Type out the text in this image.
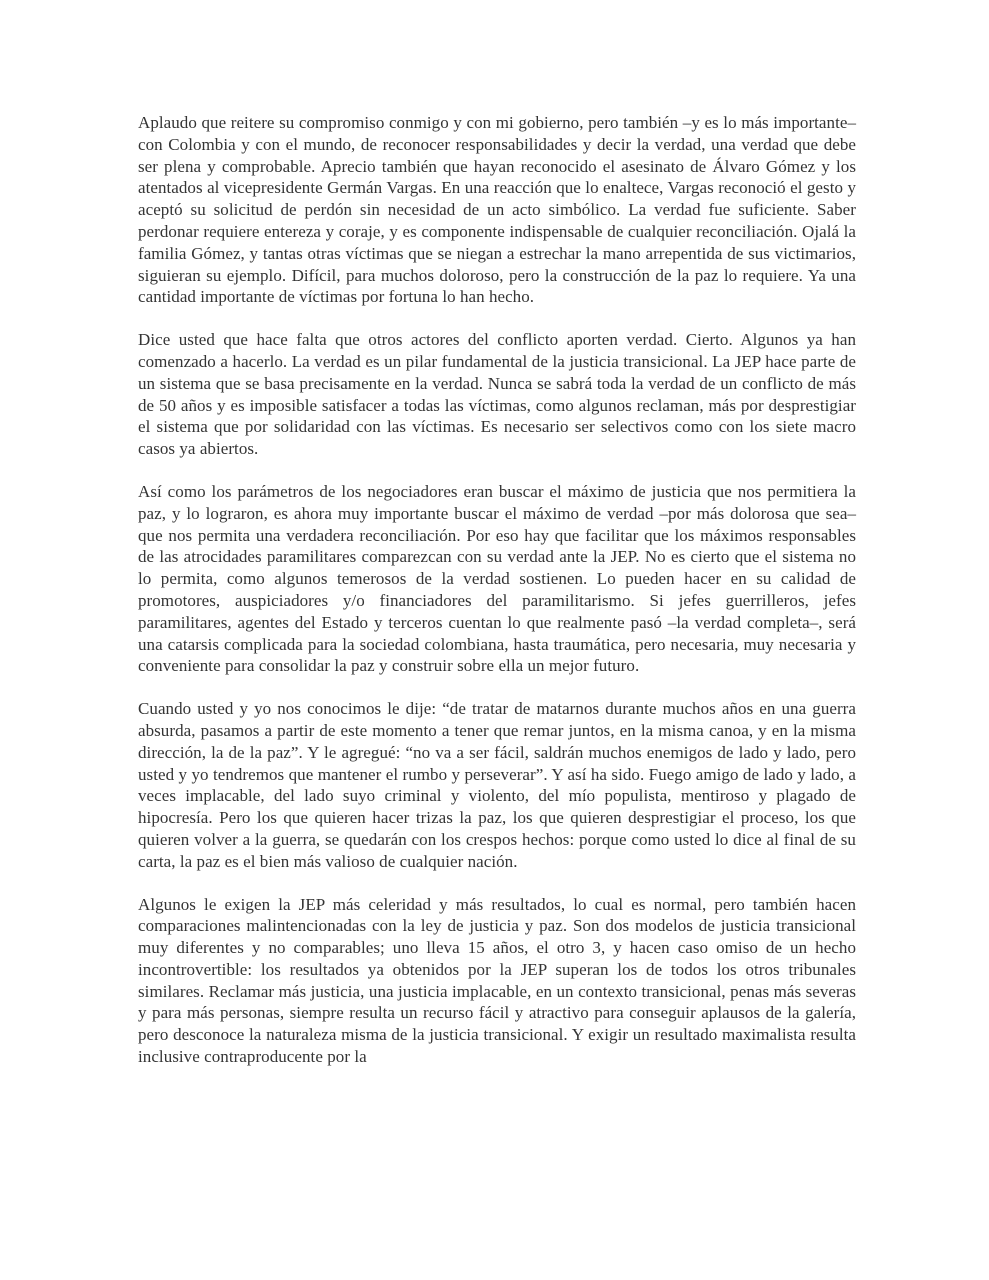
Aplaudo que reitere su compromiso conmigo y con mi gobierno, pero también –y es lo más importante– con Colombia y con el mundo, de reconocer responsabilidades y decir la verdad, una verdad que debe ser plena y comprobable. Aprecio también que hayan reconocido el asesinato de Álvaro Gómez y los atentados al vicepresidente Germán Vargas. En una reacción que lo enaltece, Vargas reconoció el gesto y aceptó su solicitud de perdón sin necesidad de un acto simbólico. La verdad fue suficiente. Saber perdonar requiere entereza y coraje, y es componente indispensable de cualquier reconciliación. Ojalá la familia Gómez, y tantas otras víctimas que se niegan a estrechar la mano arrepentida de sus victimarios, siguieran su ejemplo. Difícil, para muchos doloroso, pero la construcción de la paz lo requiere. Ya una cantidad importante de víctimas por fortuna lo han hecho.

Dice usted que hace falta que otros actores del conflicto aporten verdad. Cierto. Algunos ya han comenzado a hacerlo. La verdad es un pilar fundamental de la justicia transicional. La JEP hace parte de un sistema que se basa precisamente en la verdad. Nunca se sabrá toda la verdad de un conflicto de más de 50 años y es imposible satisfacer a todas las víctimas, como algunos reclaman, más por desprestigiar el sistema que por solidaridad con las víctimas. Es necesario ser selectivos como con los siete macro casos ya abiertos.

Así como los parámetros de los negociadores eran buscar el máximo de justicia que nos permitiera la paz, y lo lograron, es ahora muy importante buscar el máximo de verdad –por más dolorosa que sea– que nos permita una verdadera reconciliación. Por eso hay que facilitar que los máximos responsables de las atrocidades paramilitares comparezcan con su verdad ante la JEP. No es cierto que el sistema no lo permita, como algunos temerosos de la verdad sostienen. Lo pueden hacer en su calidad de promotores, auspiciadores y/o financiadores del paramilitarismo. Si jefes guerrilleros, jefes paramilitares, agentes del Estado y terceros cuentan lo que realmente pasó –la verdad completa–, será una catarsis complicada para la sociedad colombiana, hasta traumática, pero necesaria, muy necesaria y conveniente para consolidar la paz y construir sobre ella un mejor futuro.

Cuando usted y yo nos conocimos le dije: “de tratar de matarnos durante muchos años en una guerra absurda, pasamos a partir de este momento a tener que remar juntos, en la misma canoa, y en la misma dirección, la de la paz”. Y le agregué: “no va a ser fácil, saldrán muchos enemigos de lado y lado, pero usted y yo tendremos que mantener el rumbo y perseverar”. Y así ha sido. Fuego amigo de lado y lado, a veces implacable, del lado suyo criminal y violento, del mío populista, mentiroso y plagado de hipocresía. Pero los que quieren hacer trizas la paz, los que quieren desprestigiar el proceso, los que quieren volver a la guerra, se quedarán con los crespos hechos: porque como usted lo dice al final de su carta, la paz es el bien más valioso de cualquier nación.

Algunos le exigen la JEP más celeridad y más resultados, lo cual es normal, pero también hacen comparaciones malintencionadas con la ley de justicia y paz. Son dos modelos de justicia transicional muy diferentes y no comparables; uno lleva 15 años, el otro 3, y hacen caso omiso de un hecho incontrovertible: los resultados ya obtenidos por la JEP superan los de todos los otros tribunales similares. Reclamar más justicia, una justicia implacable, en un contexto transicional, penas más severas y para más personas, siempre resulta un recurso fácil y atractivo para conseguir aplausos de la galería, pero desconoce la naturaleza misma de la justicia transicional. Y exigir un resultado maximalista resulta inclusive contraproducente por la
